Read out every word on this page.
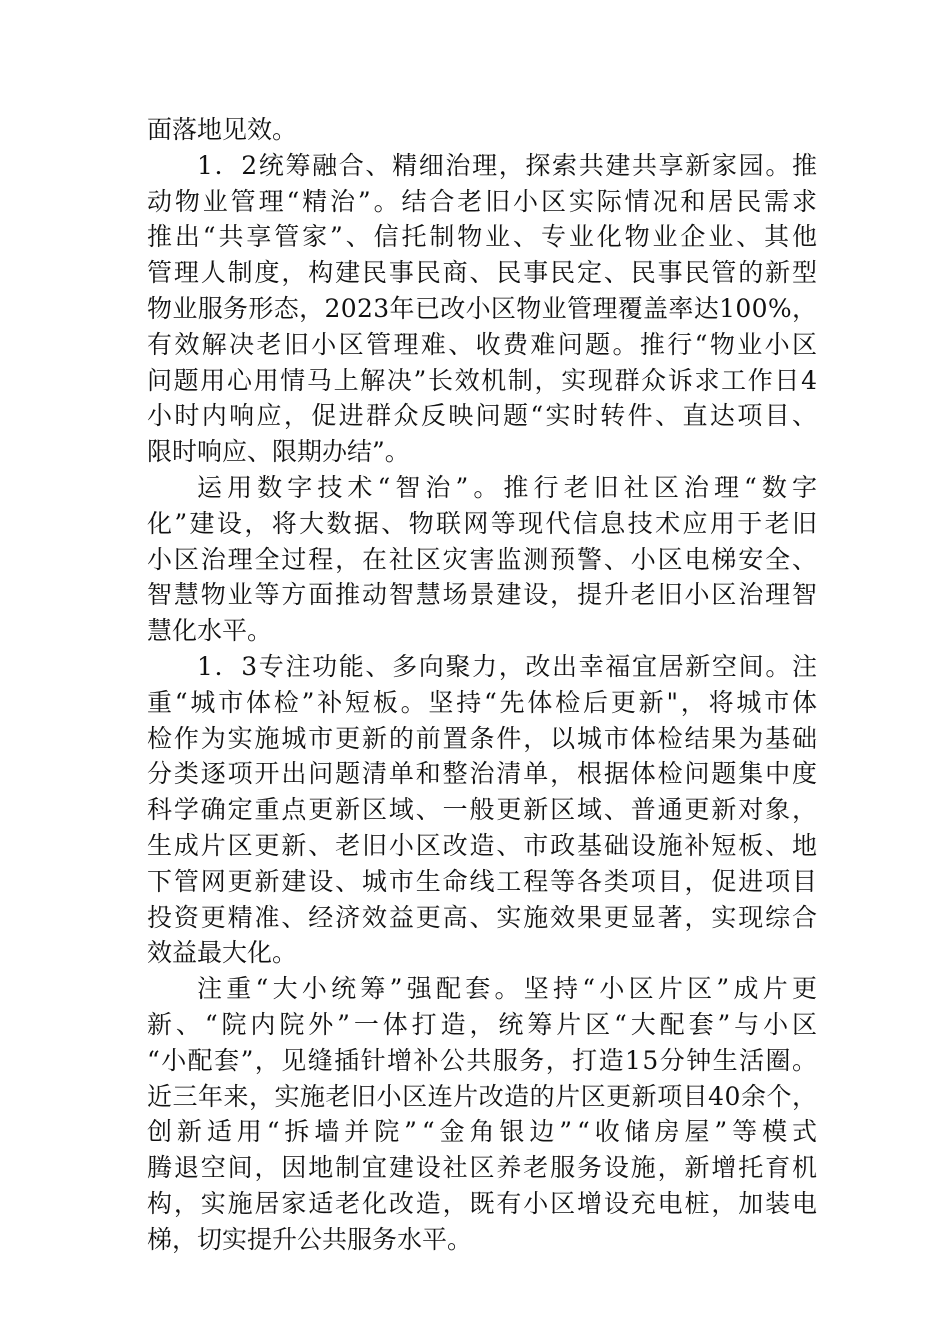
面落地见效。
1．2统筹融合、精细治理，探索共建共享新家园。推
动物业管理“精治”。结合老旧小区实际情况和居民需求
推出“共享管家”、信托制物业、专业化物业企业、其他
管理人制度，构建民事民商、民事民定、民事民管的新型
物业服务形态，2023年已改小区物业管理覆盖率达100%，
有效解决老旧小区管理难、收费难问题。推行“物业小区
问题用心用情马上解决”长效机制，实现群众诉求工作日4
小时内响应，促进群众反映问题“实时转件、直达项目、
限时响应、限期办结”。
运用数字技术“智治”。推行老旧社区治理“数字
化”建设，将大数据、物联网等现代信息技术应用于老旧
小区治理全过程，在社区灾害监测预警、小区电梯安全、
智慧物业等方面推动智慧场景建设，提升老旧小区治理智
慧化水平。
1．3专注功能、多向聚力，改出幸福宜居新空间。注
重“城市体检”补短板。坚持“先体检后更新"，将城市体
检作为实施城市更新的前置条件，以城市体检结果为基础
分类逐项开出问题清单和整治清单，根据体检问题集中度
科学确定重点更新区域、一般更新区域、普通更新对象，
生成片区更新、老旧小区改造、市政基础设施补短板、地
下管网更新建设、城市生命线工程等各类项目，促进项目
投资更精准、经济效益更高、实施效果更显著，实现综合
效益最大化。
注重“大小统筹”强配套。坚持“小区片区”成片更
新、“院内院外”一体打造，统筹片区“大配套”与小区
“小配套”，见缝插针增补公共服务，打造15分钟生活圈。
近三年来，实施老旧小区连片改造的片区更新项目40余个，
创新适用“拆墙并院”“金角银边”“收储房屋”等模式
腾退空间，因地制宜建设社区养老服务设施，新增托育机
构，实施居家适老化改造，既有小区增设充电桩，加装电
梯，切实提升公共服务水平。
